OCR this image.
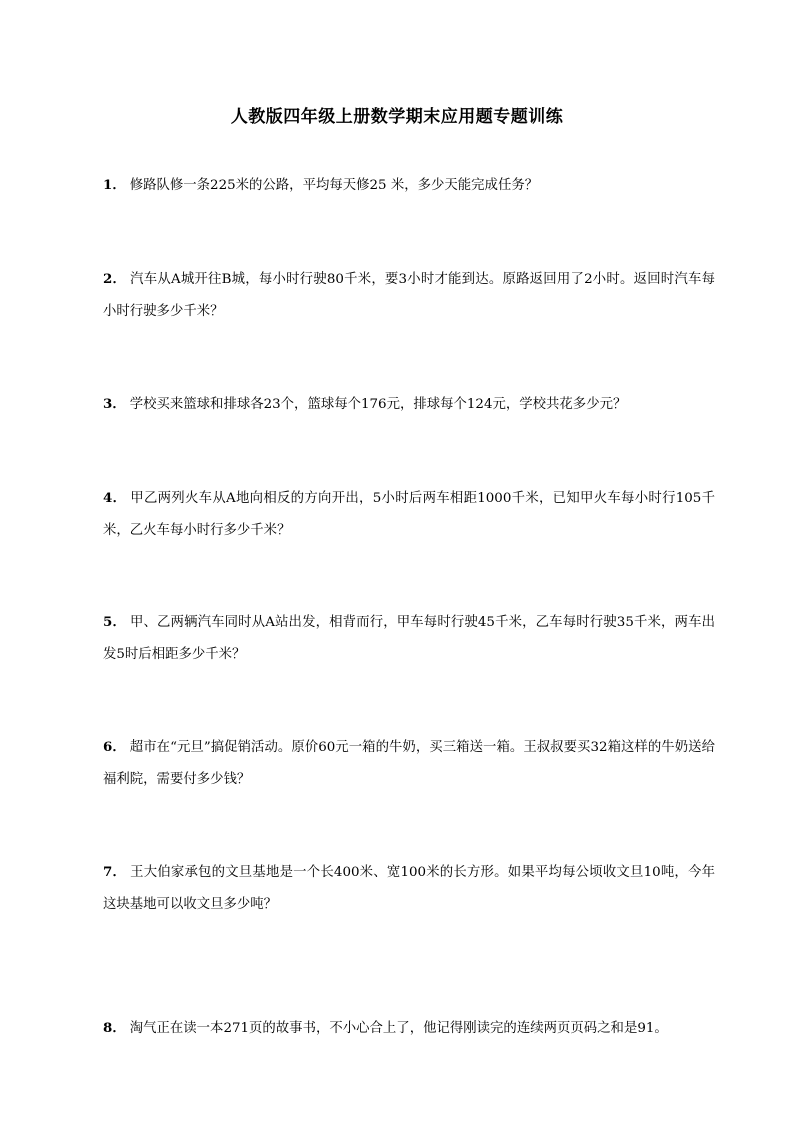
人教版四年级上册数学期末应用题专题训练
1． 修路队修一条225米的公路，平均每天修25 米，多少天能完成任务？
2． 汽车从A城开往B城，每小时行驶80千米，要3小时才能到达。原路返回用了2小时。返回时汽车每小时行驶多少千米？
3． 学校买来篮球和排球各23个，篮球每个176元，排球每个124元，学校共花多少元？
4． 甲乙两列火车从A地向相反的方向开出，5小时后两车相距1000千米，已知甲火车每小时行105千米，乙火车每小时行多少千米？
5． 甲、乙两辆汽车同时从A站出发，相背而行，甲车每时行驶45千米，乙车每时行驶35千米，两车出发5时后相距多少千米？
6． 超市在“元旦”搞促销活动。原价60元一箱的牛奶，买三箱送一箱。王叔叔要买32箱这样的牛奶送给福利院，需要付多少钱？
7． 王大伯家承包的文旦基地是一个长400米、宽100米的长方形。如果平均每公顷收文旦10吨，今年这块基地可以收文旦多少吨？
8． 淘气正在读一本271页的故事书，不小心合上了，他记得刚读完的连续两页页码之和是91。
